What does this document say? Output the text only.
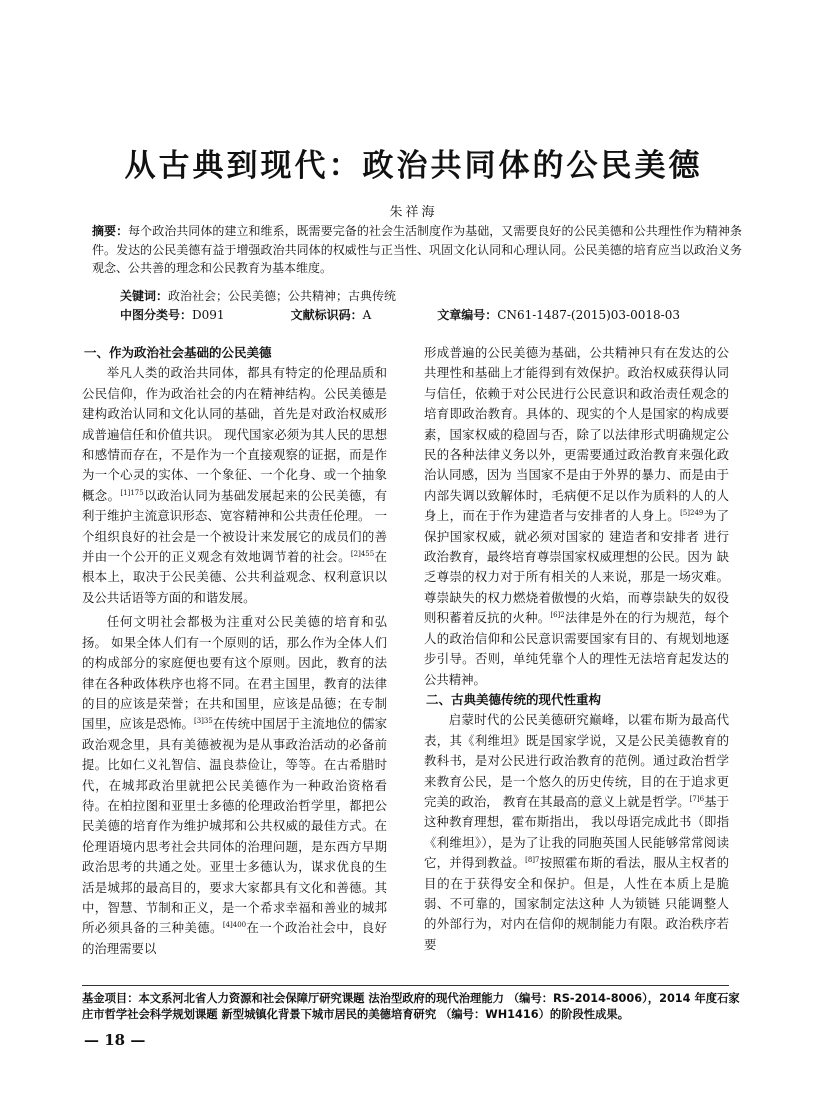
从古典到现代：政治共同体的公民美德
朱祥海

摘要：每个政治共同体的建立和维系，既需要完备的社会生活制度作为基础，又需要良好的公民美德和公共理性作为精神条件。发达的公民美德有益于增强政治共同体的权威性与正当性、巩固文化认同和心理认同。公民美德的培育应当以政治义务观念、公共善的理念和公民教育为基本维度。

关键词：政治社会；公民美德；公共精神；古典传统

中图分类号：D091	文献标识码：A	文章编号：CN61-1487-(2015)03-0018-03
一、作为政治社会基础的公民美德

举凡人类的政治共同体，都具有特定的伦理品质和公民信仰，作为政治社会的内在精神结构。公民美德是建构政治认同和文化认同的基础，首先是对政治权威形成普遍信任和价值共识。 现代国家必须为其人民的思想和感情而存在，不是作为一个直接观察的证据，而是作为一个心灵的实体、一个象征、一个化身、或一个抽象概念。$^{[1]175}$以政治认同为基础发展起来的公民美德，有利于维护主流意识形态、宽容精神和公共责任伦理。 一个组织良好的社会是一个被设计来发展它的成员们的善并由一个公开的正义观念有效地调节着的社会。$^{[2]455}$在根本上，取决于公民美德、公共利益观念、权利意识以及公共话语等方面的和谐发展。

任何文明社会都极为注重对公民美德的培育和弘扬。 如果全体人们有一个原则的话，那么作为全体人们的构成部分的家庭便也要有这个原则。因此，教育的法律在各种政体秩序也将不同。在君主国里，教育的法律的目的应该是荣誉；在共和国里，应该是品德；在专制国里，应该是恐怖。$^{[3]35}$在传统中国居于主流地位的儒家政治观念里，具有美德被视为是从事政治活动的必备前提。比如仁义礼智信、温良恭俭让，等等。在古希腊时代，在城邦政治里就把公民美德作为一种政治资格看待。在柏拉图和亚里士多德的伦理政治哲学里，都把公民美德的培育作为维护城邦和公共权威的最佳方式。在伦理语境内思考社会共同体的治理问题，是东西方早期政治思考的共通之处。亚里士多德认为，谋求优良的生活是城邦的最高目的，要求大家都具有文化和善德。其中，智慧、节制和正义，是一个希求幸福和善业的城邦所必须具备的三种美德。$^{[4]400}$在一个政治社会中，良好的治理需要以

形成普遍的公民美德为基础，公共精神只有在发达的公共理性和基础上才能得到有效保护。政治权威获得认同与信任，依赖于对公民进行公民意识和政治责任观念的培育即政治教育。具体的、现实的个人是国家的构成要素，国家权威的稳固与否，除了以法律形式明确规定公民的各种法律义务以外，更需要通过政治教育来强化政治认同感，因为 当国家不是由于外界的暴力、而是由于内部失调以致解体时，毛病便不足以作为质料的人的人身上，而在于作为建造者与安排者的人身上。$^{[5]249}$为了保护国家权威，就必须对国家的 建造者和安排者 进行政治教育，最终培育尊崇国家权威理想的公民。因为 缺乏尊崇的权力对于所有相关的人来说，那是一场灾难。尊崇缺失的权力燃烧着傲慢的火焰，而尊崇缺失的奴役则积蓄着反抗的火种。$^{[6]2}$法律是外在的行为规范，每个人的政治信仰和公民意识需要国家有目的、有规划地逐步引导。否则，单纯凭靠个人的理性无法培育起发达的公共精神。

二、古典美德传统的现代性重构

启蒙时代的公民美德研究巅峰，以霍布斯为最高代表，其《利维坦》既是国家学说，又是公民美德教育的教科书，是对公民进行政治教育的范例。通过政治哲学来教育公民，是一个悠久的历史传统，目的在于追求更完美的政治， 教育在其最高的意义上就是哲学。$^{[7]6}$基于这种教育理想，霍布斯指出， 我以母语完成此书（即指《利维坦》），是为了让我的同胞英国人民能够常常阅读它，并得到教益。$^{[8]7}$按照霍布斯的看法，服从主权者的目的在于获得安全和保护。但是，人性在本质上是脆弱、不可靠的，国家制定法这种 人为锁链 只能调整人的外部行为，对内在信仰的规制能力有限。政治秩序若要

基金项目：本文系河北省人力资源和社会保障厅研究课题 法治型政府的现代治理能力 （编号：RS-2014-8006），2014 年度石家庄市哲学社会科学规划课题 新型城镇化背景下城市居民的美德培育研究 （编号：WH1416）的阶段性成果。

— 18 —
